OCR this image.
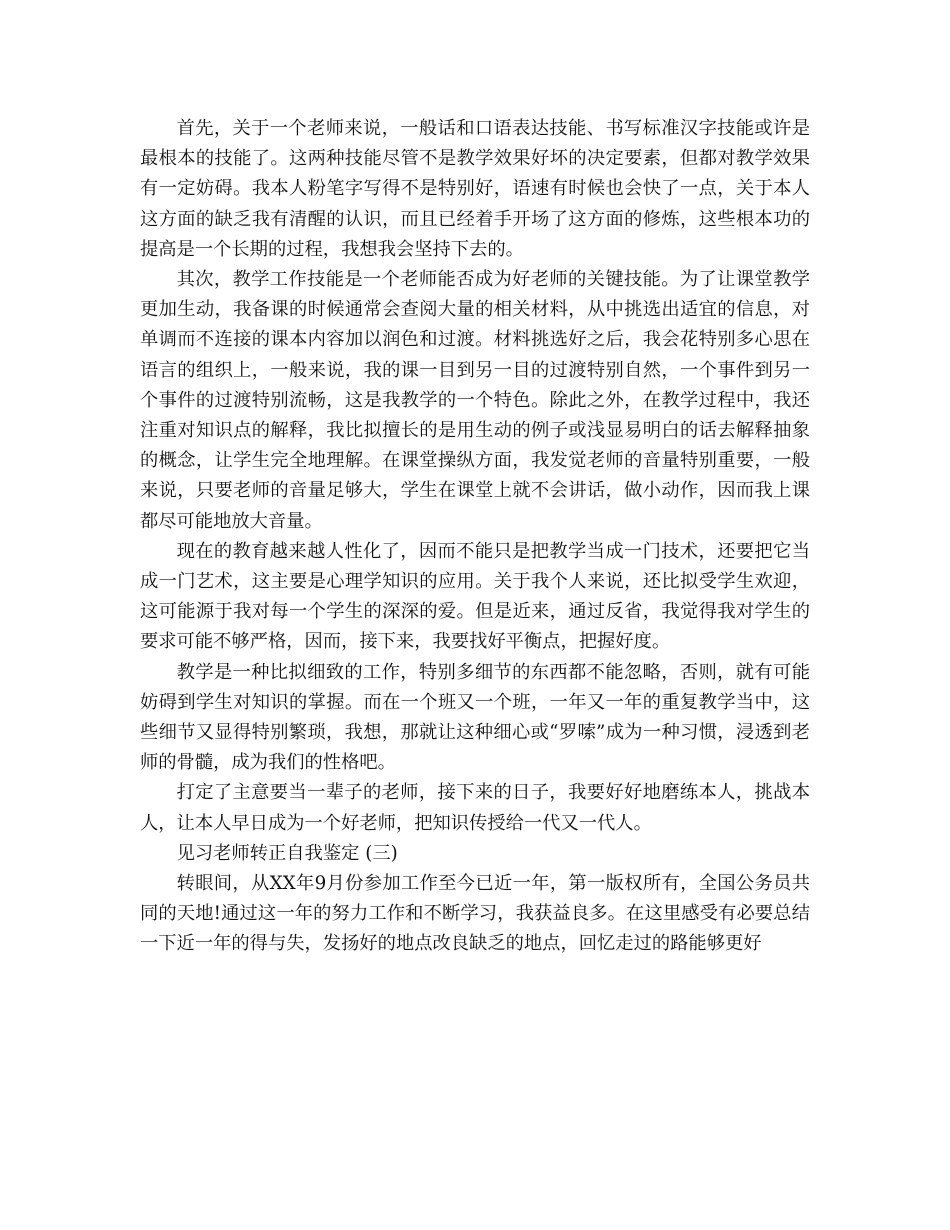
首先，关于一个老师来说，一般话和口语表达技能、书写标准汉字技能或许是最根本的技能了。这两种技能尽管不是教学效果好坏的决定要素，但都对教学效果有一定妨碍。我本人粉笔字写得不是特别好，语速有时候也会快了一点，关于本人这方面的缺乏我有清醒的认识，而且已经着手开场了这方面的修炼，这些根本功的提高是一个长期的过程，我想我会坚持下去的。

其次，教学工作技能是一个老师能否成为好老师的关键技能。为了让课堂教学更加生动，我备课的时候通常会查阅大量的相关材料，从中挑选出适宜的信息，对单调而不连接的课本内容加以润色和过渡。材料挑选好之后，我会花特别多心思在语言的组织上，一般来说，我的课一目到另一目的过渡特别自然，一个事件到另一个事件的过渡特别流畅，这是我教学的一个特色。除此之外，在教学过程中，我还注重对知识点的解释，我比拟擅长的是用生动的例子或浅显易明白的话去解释抽象的概念，让学生完全地理解。在课堂操纵方面，我发觉老师的音量特别重要，一般来说，只要老师的音量足够大，学生在课堂上就不会讲话，做小动作，因而我上课都尽可能地放大音量。

现在的教育越来越人性化了，因而不能只是把教学当成一门技术，还要把它当成一门艺术，这主要是心理学知识的应用。关于我个人来说，还比拟受学生欢迎，这可能源于我对每一个学生的深深的爱。但是近来，通过反省，我觉得我对学生的要求可能不够严格，因而，接下来，我要找好平衡点，把握好度。

教学是一种比拟细致的工作，特别多细节的东西都不能忽略，否则，就有可能妨碍到学生对知识的掌握。而在一个班又一个班，一年又一年的重复教学当中，这些细节又显得特别繁琐，我想，那就让这种细心或“罗嗦”成为一种习惯，浸透到老师的骨髓，成为我们的性格吧。

打定了主意要当一辈子的老师，接下来的日子，我要好好地磨练本人，挑战本人，让本人早日成为一个好老师，把知识传授给一代又一代人。

见习老师转正自我鉴定 (三)

转眼间，从XX年9月份参加工作至今已近一年，第一版权所有，全国公务员共同的天地!通过这一年的努力工作和不断学习，我获益良多。在这里感受有必要总结一下近一年的得与失，发扬好的地点改良缺乏的地点，回忆走过的路能够更好
